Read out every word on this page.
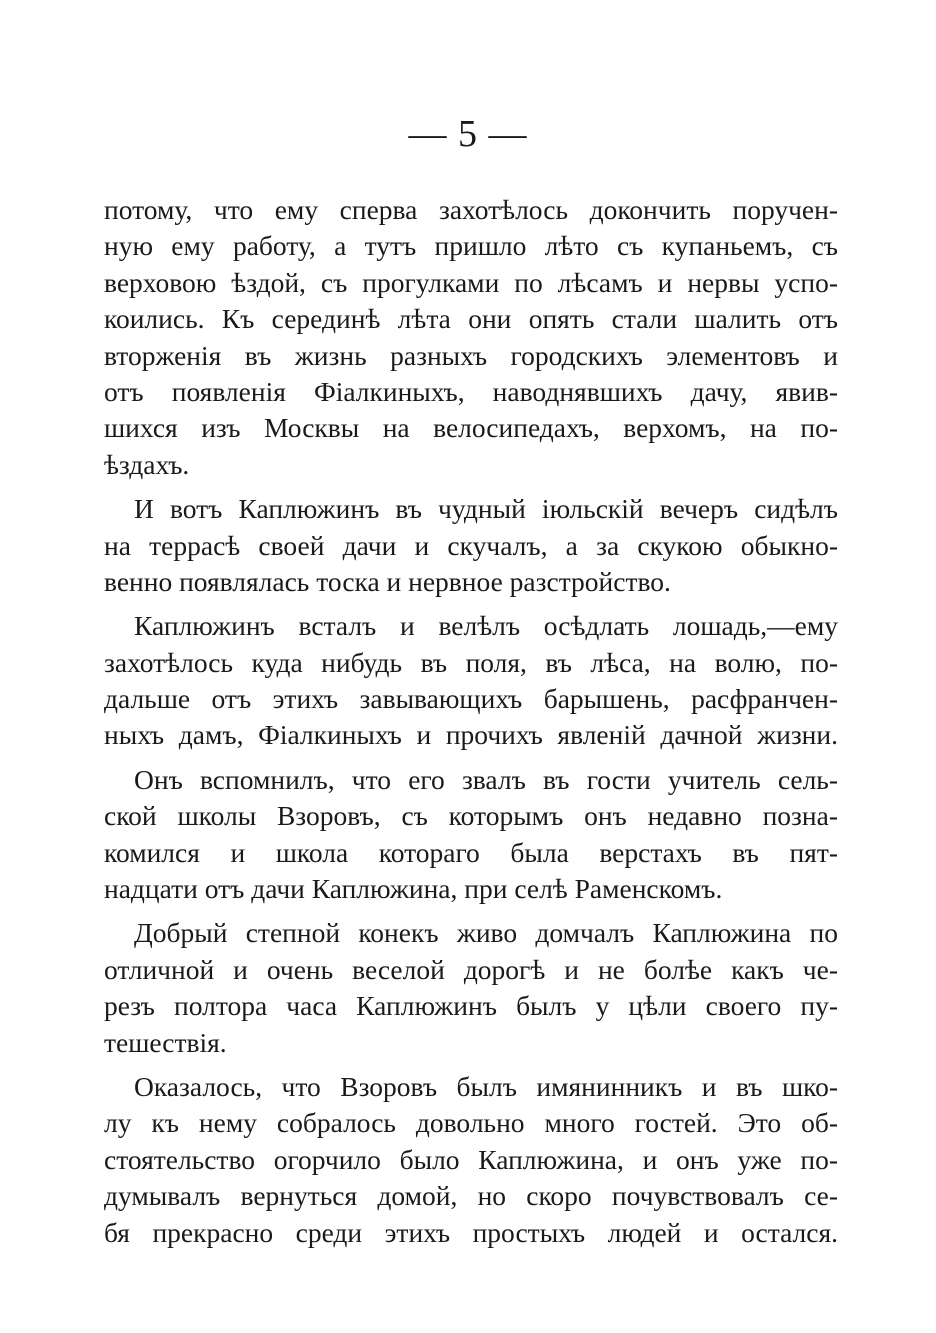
— 5 —
потому, что ему сперва захотѣлось докончить поручен-
ную ему работу, а тутъ пришло лѣто съ купаньемъ, съ
верховою ѣздой, съ прогулками по лѣсамъ и нервы успо-
коились. Къ серединѣ лѣта они опять стали шалить отъ
вторженія въ жизнь разныхъ городскихъ элементовъ и
отъ появленія Фіалкиныхъ, наводнявшихъ дачу, явив-
шихся изъ Москвы на велосипедахъ, верхомъ, на по-
ѣздахъ.
И вотъ Каплюжинъ въ чудный іюльскій вечеръ сидѣлъ
на террасѣ своей дачи и скучалъ, а за скукою обыкно-
венно появлялась тоска и нервное разстройство.
Каплюжинъ всталъ и велѣлъ осѣдлать лошадь,—ему
захотѣлось куда нибудь въ поля, въ лѣса, на волю, по-
дальше отъ этихъ завывающихъ барышень, расфранчен-
ныхъ дамъ, Фіалкиныхъ и прочихъ явленій дачной жизни.
Онъ вспомнилъ, что его звалъ въ гости учитель сель-
ской школы Взоровъ, съ которымъ онъ недавно позна-
комился и школа котораго была верстахъ въ пят-
надцати отъ дачи Каплюжина, при селѣ Раменскомъ.
Добрый степной конекъ живо домчалъ Каплюжина по
отличной и очень веселой дорогѣ и не болѣе какъ че-
резъ полтора часа Каплюжинъ былъ у цѣли своего пу-
тешествія.
Оказалось, что Взоровъ былъ имянинникъ и въ шко-
лу къ нему собралось довольно много гостей. Это об-
стоятельство огорчило было Каплюжина, и онъ уже по-
думывалъ вернуться домой, но скоро почувствовалъ се-
бя прекрасно среди этихъ простыхъ людей и остался.
